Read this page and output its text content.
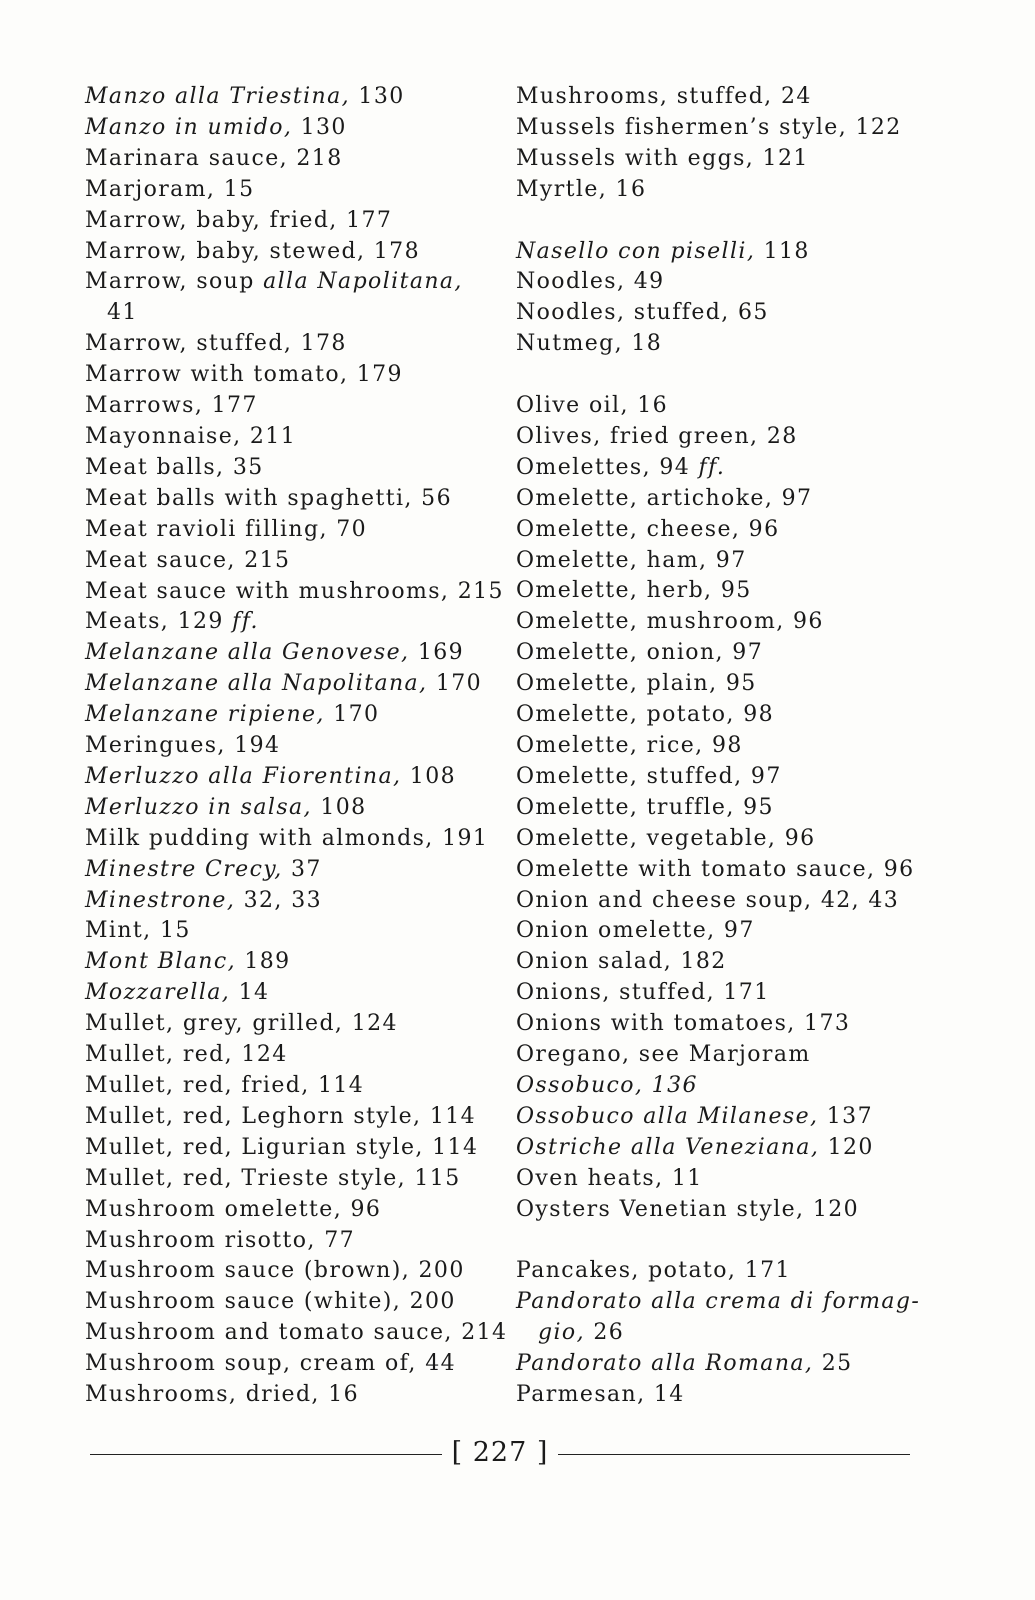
Manzo alla Triestina, 130
Manzo in umido, 130
Marinara sauce, 218
Marjoram, 15
Marrow, baby, fried, 177
Marrow, baby, stewed, 178
Marrow, soup alla Napolitana,
41
Marrow, stuffed, 178
Marrow with tomato, 179
Marrows, 177
Mayonnaise, 211
Meat balls, 35
Meat balls with spaghetti, 56
Meat ravioli filling, 70
Meat sauce, 215
Meat sauce with mushrooms, 215
Meats, 129 ff.
Melanzane alla Genovese, 169
Melanzane alla Napolitana, 170
Melanzane ripiene, 170
Meringues, 194
Merluzzo alla Fiorentina, 108
Merluzzo in salsa, 108
Milk pudding with almonds, 191
Minestre Crecy, 37
Minestrone, 32, 33
Mint, 15
Mont Blanc, 189
Mozzarella, 14
Mullet, grey, grilled, 124
Mullet, red, 124
Mullet, red, fried, 114
Mullet, red, Leghorn style, 114
Mullet, red, Ligurian style, 114
Mullet, red, Trieste style, 115
Mushroom omelette, 96
Mushroom risotto, 77
Mushroom sauce (brown), 200
Mushroom sauce (white), 200
Mushroom and tomato sauce, 214
Mushroom soup, cream of, 44
Mushrooms, dried, 16
Mushrooms, stuffed, 24
Mussels fishermen’s style, 122
Mussels with eggs, 121
Myrtle, 16
Nasello con piselli, 118
Noodles, 49
Noodles, stuffed, 65
Nutmeg, 18
Olive oil, 16
Olives, fried green, 28
Omelettes, 94 ff.
Omelette, artichoke, 97
Omelette, cheese, 96
Omelette, ham, 97
Omelette, herb, 95
Omelette, mushroom, 96
Omelette, onion, 97
Omelette, plain, 95
Omelette, potato, 98
Omelette, rice, 98
Omelette, stuffed, 97
Omelette, truffle, 95
Omelette, vegetable, 96
Omelette with tomato sauce, 96
Onion and cheese soup, 42, 43
Onion omelette, 97
Onion salad, 182
Onions, stuffed, 171
Onions with tomatoes, 173
Oregano, see Marjoram
Ossobuco, 136
Ossobuco alla Milanese, 137
Ostriche alla Veneziana, 120
Oven heats, 11
Oysters Venetian style, 120
Pancakes, potato, 171
Pandorato alla crema di formag-
gio, 26
Pandorato alla Romana, 25
Parmesan, 14
[ 227 ]
